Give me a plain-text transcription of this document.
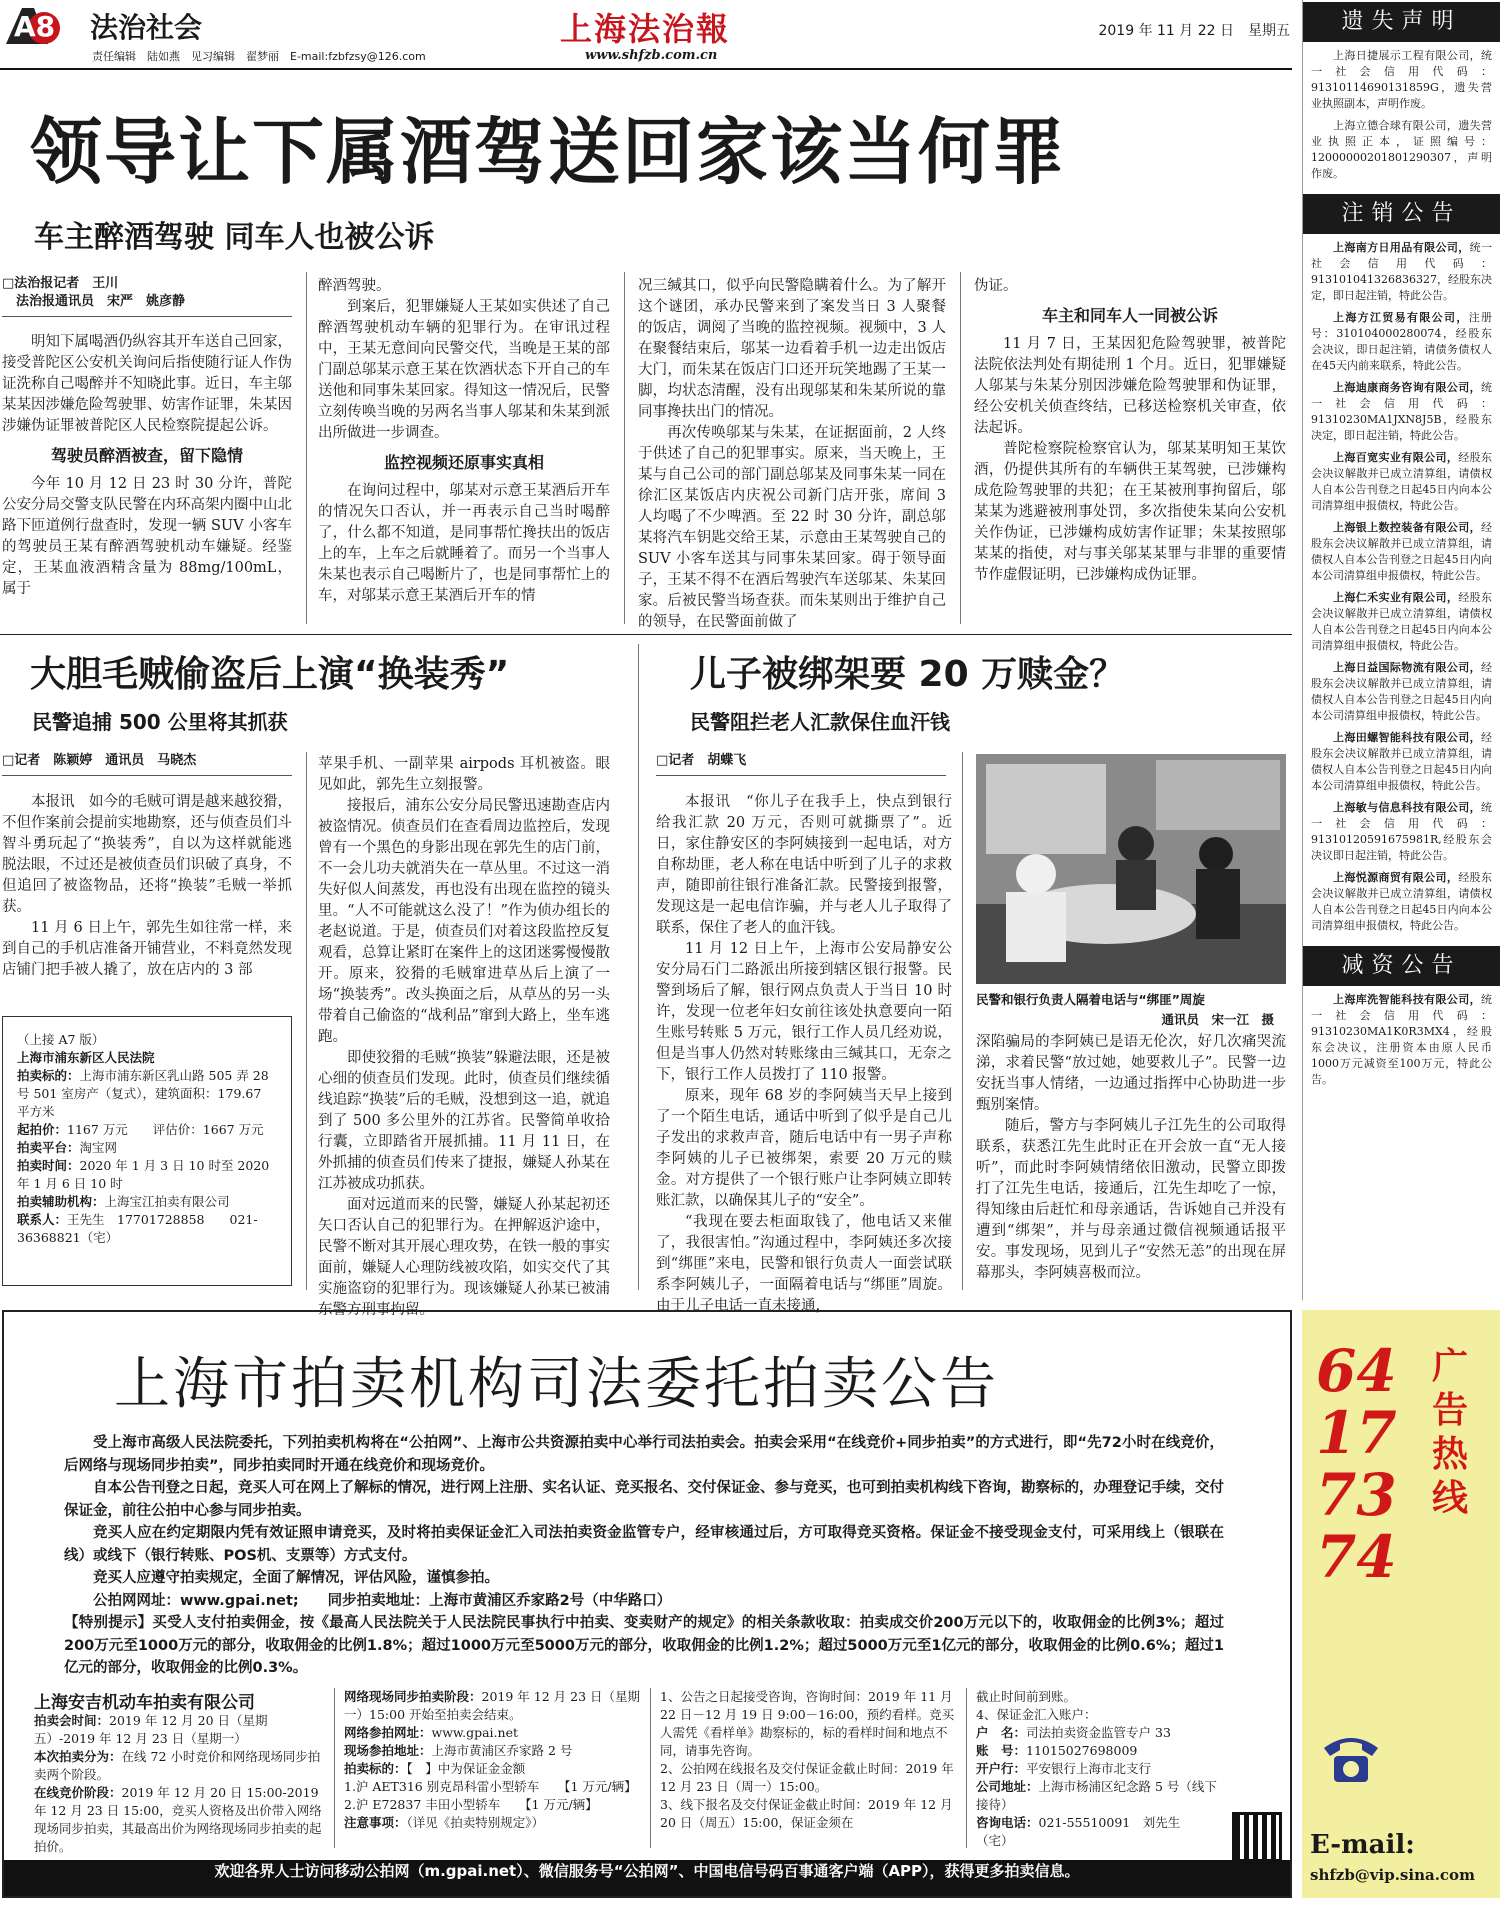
A8	法治社会
责任编辑　陆如燕　见习编辑　翟梦丽　E-mail:fzbfzsy@126.com
上海法治報
www.shfzb.com.cn
2019 年 11 月 22 日　星期五
领导让下属酒驾送回家该当何罪
车主醉酒驾驶 同车人也被公诉
□法治报记者　王川
法治报通讯员　宋严　姚彦静

明知下属喝酒仍纵容其开车送自己回家，接受普陀区公安机关询问后指使随行证人作伪证洗称自己喝醉并不知晓此事。近日，车主邬某某因涉嫌危险驾驶罪、妨害作证罪，朱某因涉嫌伪证罪被普陀区人民检察院提起公诉。

驾驶员醉酒被查，留下隐情

今年 10 月 12 日 23 时 30 分许，普陀公安分局交警支队民警在内环高架内圈中山北路下匝道例行盘查时，发现一辆 SUV 小客车的驾驶员王某有醉酒驾驶机动车嫌疑。经鉴定，王某血液酒精含量为 88mg/100mL，属于

醉酒驾驶。

到案后，犯罪嫌疑人王某如实供述了自己醉酒驾驶机动车辆的犯罪行为。在审讯过程中，王某无意间向民警交代，当晚是王某的部门副总邬某示意王某在饮酒状态下开自己的车送他和同事朱某回家。得知这一情况后，民警立刻传唤当晚的另两名当事人邬某和朱某到派出所做进一步调查。

监控视频还原事实真相

在询问过程中，邬某对示意王某酒后开车的情况矢口否认，并一再表示自己当时喝醉了，什么都不知道，是同事帮忙搀扶出的饭店上的车，上车之后就睡着了。而另一个当事人朱某也表示自己喝断片了，也是同事帮忙上的车，对邬某示意王某酒后开车的情

况三缄其口，似乎向民警隐瞒着什么。为了解开这个谜团，承办民警来到了案发当日 3 人聚餐的饭店，调阅了当晚的监控视频。视频中，3 人在聚餐结束后，邬某一边看着手机一边走出饭店大门，而朱某在饭店门口还开玩笑地踢了王某一脚，均状态清醒，没有出现邬某和朱某所说的靠同事搀扶出门的情况。

再次传唤邬某与朱某，在证据面前，2 人终于供述了自己的犯罪事实。原来，当天晚上，王某与自己公司的部门副总邬某及同事朱某一同在徐汇区某饭店内庆祝公司新门店开张，席间 3 人均喝了不少啤酒。至 22 时 30 分许，副总邬某将汽车钥匙交给王某，示意由王某驾驶自己的 SUV 小客车送其与同事朱某回家。碍于领导面子，王某不得不在酒后驾驶汽车送邬某、朱某回家。后被民警当场查获。而朱某则出于维护自己的领导，在民警面前做了

伪证。

车主和同车人一同被公诉

11 月 7 日，王某因犯危险驾驶罪，被普陀法院依法判处有期徒刑 1 个月。近日，犯罪嫌疑人邬某与朱某分别因涉嫌危险驾驶罪和伪证罪，经公安机关侦查终结，已移送检察机关审查，依法起诉。

普陀检察院检察官认为，邬某某明知王某饮酒，仍提供其所有的车辆供王某驾驶，已涉嫌构成危险驾驶罪的共犯；在王某被刑事拘留后，邬某某为逃避被刑事处罚，多次指使朱某向公安机关作伪证，已涉嫌构成妨害作证罪；朱某按照邬某某的指使，对与事关邬某某罪与非罪的重要情节作虚假证明，已涉嫌构成伪证罪。

大胆毛贼偷盗后上演“换装秀”
民警追捕 500 公里将其抓获
□记者　陈颖婷　通讯员　马晓杰

本报讯　如今的毛贼可谓是越来越狡猾，不但作案前会提前实地勘察，还与侦查员们斗智斗勇玩起了“换装秀”，自以为这样就能逃脱法眼，不过还是被侦查员们识破了真身，不但追回了被盗物品，还将“换装”毛贼一举抓获。

11 月 6 日上午，郭先生如往常一样，来到自己的手机店准备开铺营业，不料竟然发现店铺门把手被人撬了，放在店内的 3 部

（上接 A7 版）
上海市浦东新区人民法院
拍卖标的：上海市浦东新区乳山路 505 弄 28 号 501 室房产（复式），建筑面积：179.67 平方米
起拍价：1167 万元　　评估价：1667 万元
拍卖平台：淘宝网
拍卖时间：2020 年 1 月 3 日 10 时至 2020 年 1 月 6 日 10 时
拍卖辅助机构：上海宝江拍卖有限公司
联系人：王先生　17701728858　　021-36368821（宅）

苹果手机、一副苹果 airpods 耳机被盗。眼见如此，郭先生立刻报警。

接报后，浦东公安分局民警迅速勘查店内被盗情况。侦查员们在查看周边监控后，发现曾有一个黑色的身影出现在郭先生的店门前，不一会儿功夫就消失在一草丛里。不过这一消失好似人间蒸发，再也没有出现在监控的镜头里。“人不可能就这么没了！”作为侦办组长的老赵说道。于是，侦查员们对着这段监控反复观看，总算让紧盯在案件上的这团迷雾慢慢散开。原来，狡猾的毛贼窜进草丛后上演了一场“换装秀”。改头换面之后，从草丛的另一头带着自己偷盗的“战利品”窜到大路上，坐车逃跑。

即使狡猾的毛贼“换装”躲避法眼，还是被心细的侦查员们发现。此时，侦查员们继续循线追踪“换装”后的毛贼，没想到这一追，就追到了 500 多公里外的江苏省。民警简单收拾行囊，立即踏省开展抓捕。11 月 11 日，在外抓捕的侦查员们传来了捷报，嫌疑人孙某在江苏被成功抓获。

面对远道而来的民警，嫌疑人孙某起初还矢口否认自己的犯罪行为。在押解返沪途中，民警不断对其开展心理攻势，在铁一般的事实面前，嫌疑人心理防线被攻陷，如实交代了其实施盗窃的犯罪行为。现该嫌疑人孙某已被浦东警方刑事拘留。

儿子被绑架要 20 万赎金？
民警阻拦老人汇款保住血汗钱
□记者　胡蝶飞

本报讯　“你儿子在我手上，快点到银行给我汇款 20 万元，否则可就撕票了”。近日，家住静安区的李阿姨接到一起电话，对方自称劫匪，老人称在电话中听到了儿子的求救声，随即前往银行准备汇款。民警接到报警，发现这是一起电信诈骗，并与老人儿子取得了联系，保住了老人的血汗钱。

11 月 12 日上午，上海市公安局静安公安分局石门二路派出所接到辖区银行报警。民警到场后了解，银行网点负责人于当日 10 时许，发现一位老年妇女前往该处执意要向一陌生账号转账 5 万元，银行工作人员几经劝说，但是当事人仍然对转账缘由三缄其口，无奈之下，银行工作人员拨打了 110 报警。

原来，现年 68 岁的李阿姨当天早上接到了一个陌生电话，通话中听到了似乎是自己儿子发出的求救声音，随后电话中有一男子声称李阿姨的儿子已被绑架，索要 20 万元的赎金。对方提供了一个银行账户让李阿姨立即转账汇款，以确保其儿子的“安全”。

“我现在要去柜面取钱了，他电话又来催了，我很害怕。”沟通过程中，李阿姨还多次接到“绑匪”来电，民警和银行负责人一面尝试联系李阿姨儿子，一面隔着电话与“绑匪”周旋。由于儿子电话一直未接通，

民警和银行负责人隔着电话与“绑匪”周旋
通讯员　宋一江　摄

深陷骗局的李阿姨已是语无伦次，好几次痛哭流涕，求着民警“放过她，她要救儿子”。民警一边安抚当事人情绪，一边通过指挥中心协助进一步甄别案情。

随后，警方与李阿姨儿子江先生的公司取得联系，获悉江先生此时正在开会放一直“无人接听”，而此时李阿姨情绪依旧激动，民警立即拨打了江先生电话，接通后，江先生却吃了一惊，得知缘由后赶忙和母亲通话，告诉她自己并没有遭到“绑架”，并与母亲通过微信视频通话报平安。事发现场，见到儿子“安然无恙”的出现在屏幕那头，李阿姨喜极而泣。

上海市拍卖机构司法委托拍卖公告

受上海市高级人民法院委托，下列拍卖机构将在“公拍网”、上海市公共资源拍卖中心举行司法拍卖会。拍卖会采用“在线竞价+同步拍卖”的方式进行，即“先72小时在线竞价，后网络与现场同步拍卖”，同步拍卖同时开通在线竞价和现场竞价。

自本公告刊登之日起，竞买人可在网上了解标的情况，进行网上注册、实名认证、竞买报名、交付保证金、参与竞买，也可到拍卖机构线下咨询，勘察标的，办理登记手续，交付保证金，前往公拍中心参与同步拍卖。

竞买人应在约定期限内凭有效证照申请竞买，及时将拍卖保证金汇入司法拍卖资金监管专户，经审核通过后，方可取得竞买资格。保证金不接受现金支付，可采用线上（银联在线）或线下（银行转账、POS机、支票等）方式支付。

竞买人应遵守拍卖规定，全面了解情况，评估风险，谨慎参拍。

公拍网网址：www.gpai.net;　　同步拍卖地址：上海市黄浦区乔家路2号（中华路口）

【特别提示】买受人支付拍卖佣金，按《最高人民法院关于人民法院民事执行中拍卖、变卖财产的规定》的相关条款收取：拍卖成交价200万元以下的，收取佣金的比例3%；超过200万元至1000万元的部分，收取佣金的比例1.8%；超过1000万元至5000万元的部分，收取佣金的比例1.2%；超过5000万元至1亿元的部分，收取佣金的比例0.6%；超过1亿元的部分，收取佣金的比例0.3%。

上海安吉机动车拍卖有限公司
拍卖会时间：2019 年 12 月 20 日（星期五）-2019 年 12 月 23 日（星期一）
本次拍卖分为：在线 72 小时竞价和网络现场同步拍卖两个阶段。
在线竞价阶段：2019 年 12 月 20 日 15:00-2019 年 12 月 23 日 15:00，竞买人资格及出价带入网络现场同步拍卖，其最高出价为网络现场同步拍卖的起拍价。
网络现场同步拍卖阶段：2019 年 12 月 23 日（星期一）15:00 开始至拍卖会结束。
网络参拍网址：www.gpai.net
现场参拍地址：上海市黄浦区乔家路 2 号
拍卖标的：【　】中为保证金金额
1.沪 AET316 别克昂科雷小型轿车　　【1 万元/辆】
2.沪 E72837 丰田小型轿车　　【1 万元/辆】
注意事项：（详见《拍卖特别规定》）
1、公告之日起接受咨询，咨询时间：2019 年 11 月 22 日－12 月 19 日 9:00－16:00，预约看样。竞买人需凭《看样单》勘察标的，标的看样时间和地点不同，请事先咨询。
2、公拍网在线报名及交付保证金截止时间：2019 年 12 月 23 日（周一）15:00。
3、线下报名及交付保证金截止时间：2019 年 12 月 20 日（周五）15:00，保证金须在
截止时间前到账。
4、保证金汇入账户：
户　名：司法拍卖资金监管专户 33
账　号：11015027698009
开户行：平安银行上海市北支行
公司地址：上海市杨浦区纪念路 5 号（线下接待）
咨询电话：021-55510091　刘先生　　（宅）
欢迎各界人士访问移动公拍网（m.gpai.net）、微信服务号“公拍网”、中国电信号码百事通客户端（APP），获得更多拍卖信息。
遗失声明
上海日捷展示工程有限公司，统一社会信用代码：913101146901318​59G，遗失营业执照副本，声明作废。
上海立德合球有限公司，遗失营业执照正本，证照编号：12000000201801290307，声明作废。
注销公告
上海南方日用品有限公司，统一社会信用代码：91310104132683632​7，经股东决定，即日起注销，特此公告。
上海方江贸易有限公司，注册号：310104000280074，经股东会决议，即日起注销，请债务债权人在45天内前来联系，特此公告。
上海迪康商务咨询有限公司，统一社会信用代码：91310230MA1JXN8J5B，经股东决定，即日起注销，特此公告。
上海百宽实业有限公司，经股东会决议解散并已成立清算组，请债权人自本公告刊登之日起45日内向本公司清算组申报债权，特此公告。
上海银上数控装备有限公司，经股东会决议解散并已成立清算组，请债权人自本公告刊登之日起45日内向本公司清算组申报债权，特此公告。
上海仁禾实业有限公司，经股东会决议解散并已成立清算组，请债权人自本公告刊登之日起45日内向本公司清算组申报债权，特此公告。
上海日益国际物流有限公司，经股东会决议解散并已成立清算组，请债权人自本公告刊登之日起45日内向本公司清算组申报债权，特此公告。
上海田螺智能科技有限公司，经股东会决议解散并已成立清算组，请债权人自本公告刊登之日起45日内向本公司清算组申报债权，特此公告。
上海敏与信息科技有限公司，统一社会信用代码：91310120591675981R,经股东会决议即日起注销，特此公告。
上海悦源商贸有限公司，经股东会决议解散并已成立清算组，请债权人自本公告刊登之日起45日内向本公司清算组申报债权，特此公告。
减资公告
上海库洗智能科技有限公司，统一社会信用代码：91310230MA1K0R3MX4，经股东会决议，注册资本由原人民币1000万元减资至100万元，特此公告。
广告热线
64177374
E-mail:
shfzb@vip.sina.com
